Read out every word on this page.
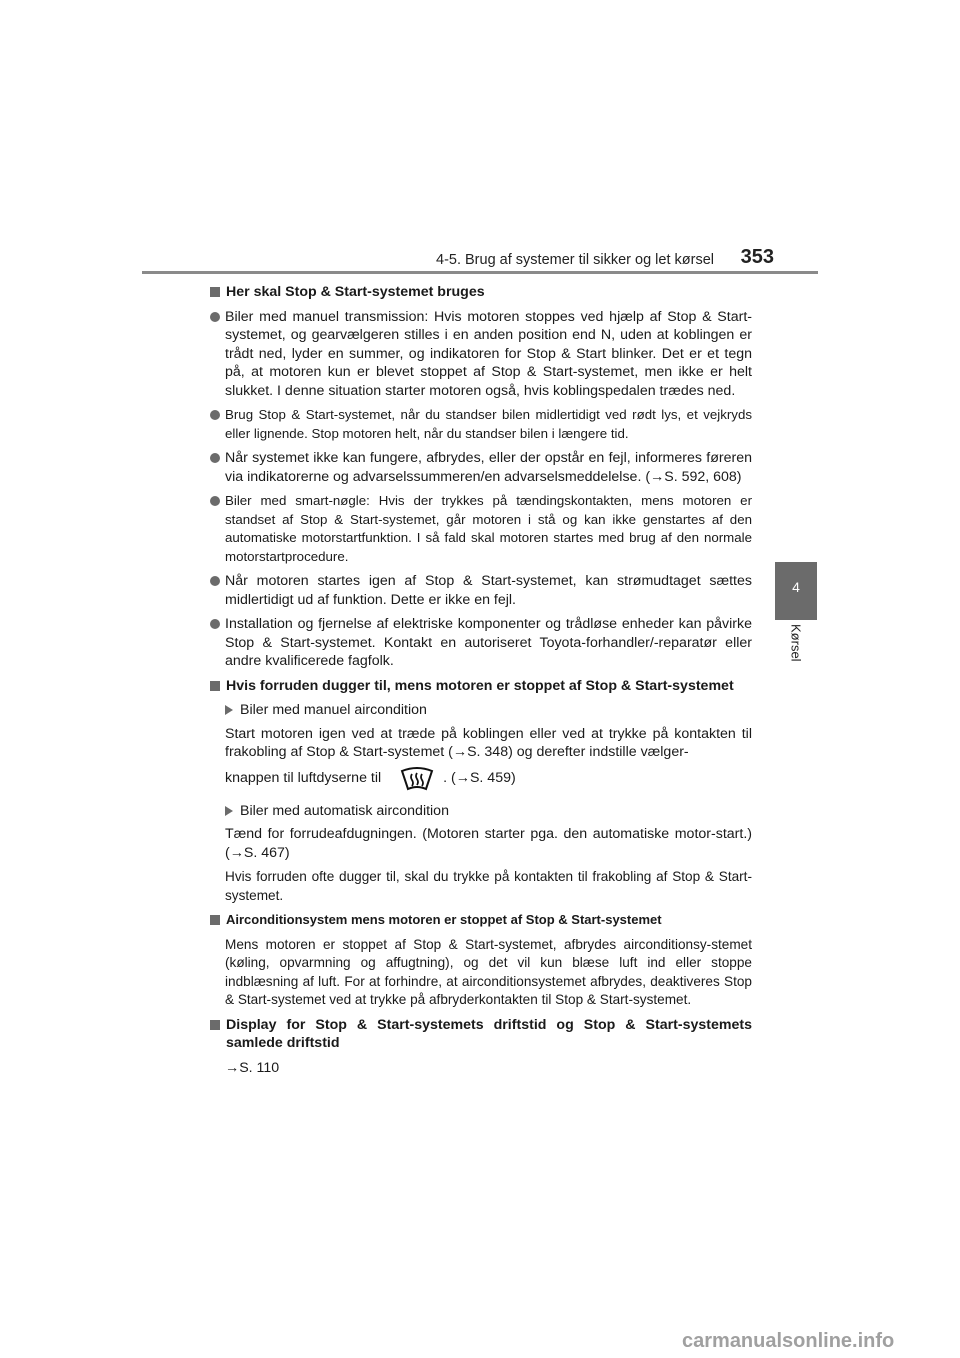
4-5. Brug af systemer til sikker og let kørsel 353
4
Kørsel
Her skal Stop & Start-systemet bruges
Biler med manuel transmission: Hvis motoren stoppes ved hjælp af Stop & Start-systemet, og gearvælgeren stilles i en anden position end N, uden at koblingen er trådt ned, lyder en summer, og indikatoren for Stop & Start blinker. Det er et tegn på, at motoren kun er blevet stoppet af Stop & Start-systemet, men ikke er helt slukket. I denne situation starter motoren også, hvis koblingspedalen trædes ned.
Brug Stop & Start-systemet, når du standser bilen midlertidigt ved rødt lys, et vejkryds eller lignende. Stop motoren helt, når du standser bilen i længere tid.
Når systemet ikke kan fungere, afbrydes, eller der opstår en fejl, informeres føreren via indikatorerne og advarselssummeren/en advarselsmeddelelse. (→S. 592, 608)
Biler med smart-nøgle: Hvis der trykkes på tændingskontakten, mens motoren er standset af Stop & Start-systemet, går motoren i stå og kan ikke genstartes af den automatiske motorstartfunktion. I så fald skal motoren startes med brug af den normale motorstartprocedure.
Når motoren startes igen af Stop & Start-systemet, kan strømudtaget sættes midlertidigt ud af funktion. Dette er ikke en fejl.
Installation og fjernelse af elektriske komponenter og trådløse enheder kan påvirke Stop & Start-systemet. Kontakt en autoriseret Toyota-forhandler/-reparatør eller andre kvalificerede fagfolk.
Hvis forruden dugger til, mens motoren er stoppet af Stop & Start-systemet
Biler med manuel aircondition
Start motoren igen ved at træde på koblingen eller ved at trykke på kontakten til frakobling af Stop & Start-systemet (→S. 348) og derefter indstille vælger-
knappen til luftdyserne til	. (→S. 459)
Biler med automatisk aircondition
Tænd for forrudeafdugningen. (Motoren starter pga. den automatiske motor-start.) (→S. 467)
Hvis forruden ofte dugger til, skal du trykke på kontakten til frakobling af Stop & Start-systemet.
Airconditionsystem mens motoren er stoppet af Stop & Start-systemet
Mens motoren er stoppet af Stop & Start-systemet, afbrydes airconditionsy-stemet (køling, opvarmning og affugtning), og det vil kun blæse luft ind eller stoppe indblæsning af luft. For at forhindre, at airconditionsystemet afbrydes, deaktiveres Stop & Start-systemet ved at trykke på afbryderkontakten til Stop & Start-systemet.
Display for Stop & Start-systemets driftstid og Stop & Start-systemets samlede driftstid
→S. 110
carmanualsonline.info
